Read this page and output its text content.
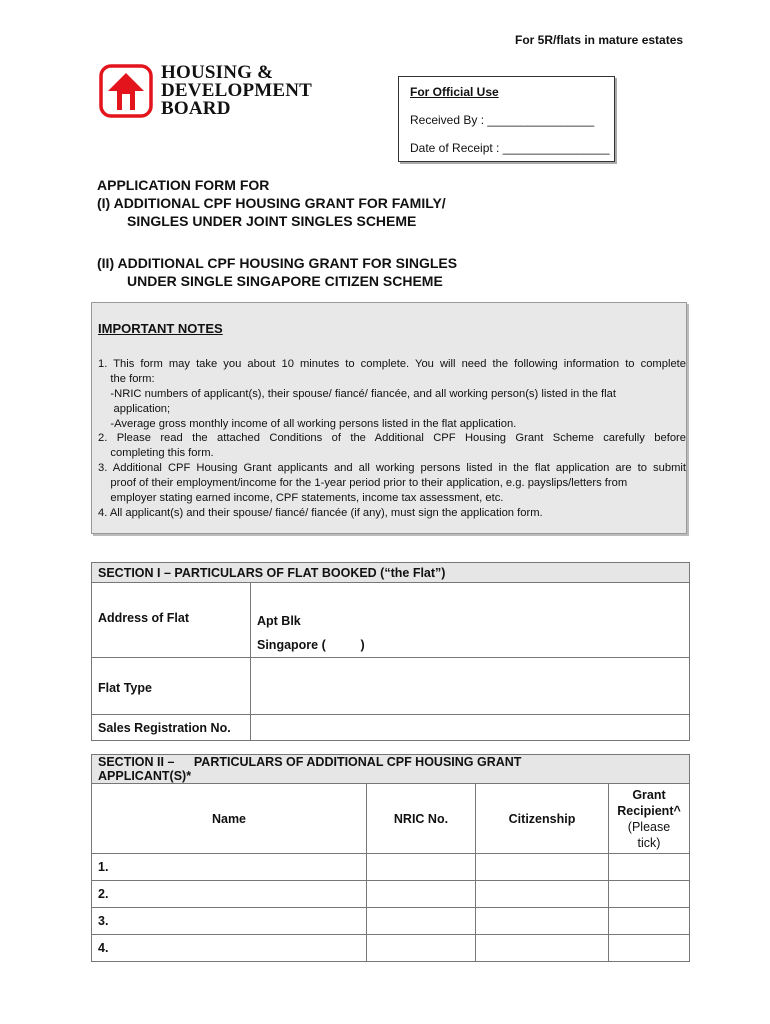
For 5R/flats in mature estates
HOUSING &
DEVELOPMENT
BOARD
For Official Use
Received By : ________________
Date of Receipt : ________________
APPLICATION FORM FOR
(I) ADDITIONAL CPF HOUSING GRANT FOR FAMILY/
SINGLES UNDER JOINT SINGLES SCHEME
(II) ADDITIONAL CPF HOUSING GRANT FOR SINGLES
UNDER SINGLE SINGAPORE CITIZEN SCHEME
IMPORTANT NOTES
1. This form may take you about 10 minutes to complete. You will need the following information to complete
the form:
-NRIC numbers of applicant(s), their spouse/ fiancé/ fiancée, and all working person(s) listed in the flat
application;
-Average gross monthly income of all working persons listed in the flat application.
2. Please read the attached Conditions of the Additional CPF Housing Grant Scheme carefully before
completing this form.
3. Additional CPF Housing Grant applicants and all working persons listed in the flat application are to submit
proof of their employment/income for the 1-year period prior to their application, e.g. payslips/letters from
employer stating earned income, CPF statements, income tax assessment, etc.
4. All applicant(s) and their spouse/ fiancé/ fiancée (if any), must sign the application form.
SECTION I – PARTICULARS OF FLAT BOOKED (“the Flat”)	
Address of Flat	Apt Blk
Singapore (          )

Flat Type	
Sales Registration No.	
SECTION II – PARTICULARS OF ADDITIONAL CPF HOUSING GRANT APPLICANT(S)*				
Name		NRIC No.	Citizenship	Grant
Recipient^
(Please
tick)

1.				
2.				
3.				
4.				
